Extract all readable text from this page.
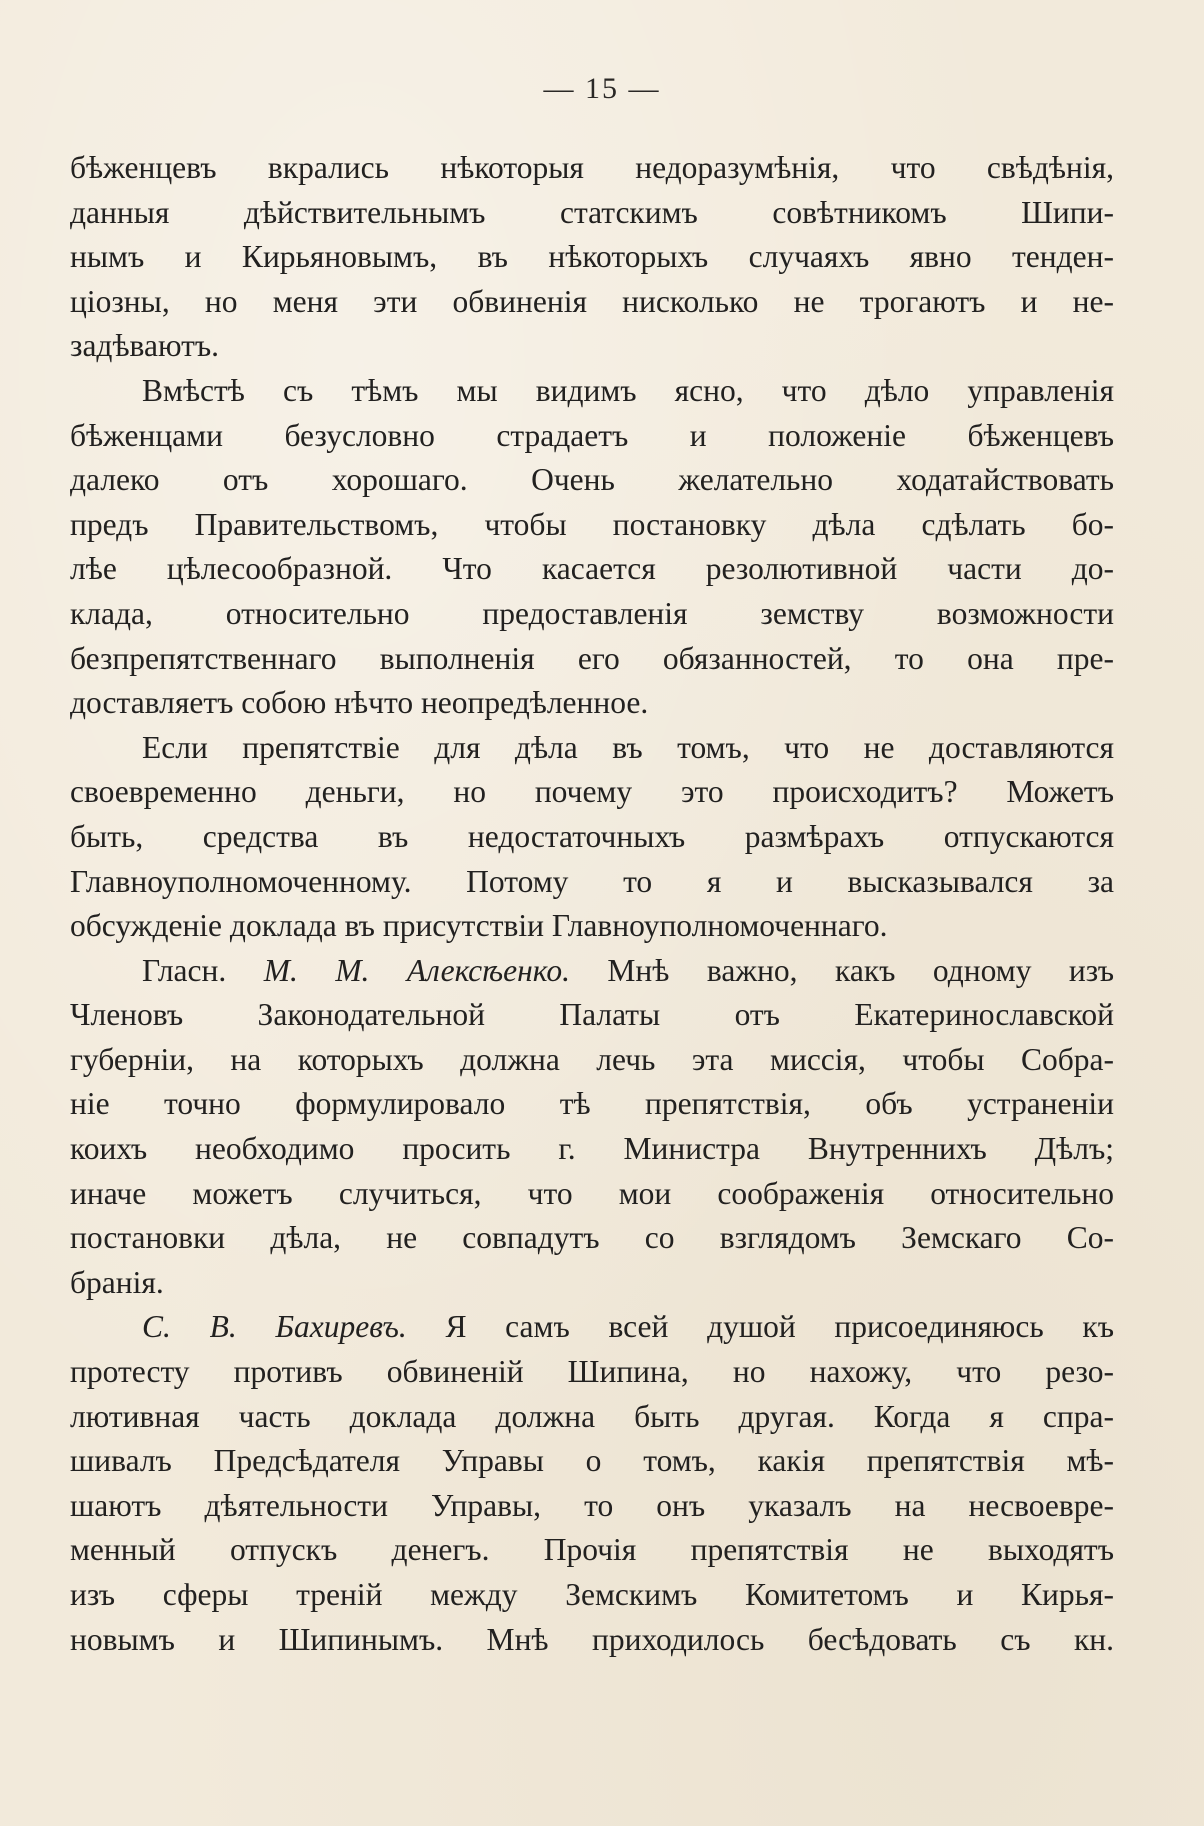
— 15 —
бѣженцевъ вкрались нѣкоторыя недоразумѣнія, что свѣдѣнія,
данныя дѣйствительнымъ статскимъ совѣтникомъ Шипи-
нымъ и Кирьяновымъ, въ нѣкоторыхъ случаяхъ явно тенден-
ціозны, но меня эти обвиненія нисколько не трогаютъ и не-
задѣваютъ.
Вмѣстѣ съ тѣмъ мы видимъ ясно, что дѣло управленія
бѣженцами безусловно страдаетъ и положеніе бѣженцевъ
далеко отъ хорошаго. Очень желательно ходатайствовать
предъ Правительствомъ, чтобы постановку дѣла сдѣлать бо-
лѣе цѣлесообразной. Что касается резолютивной части до-
клада, относительно предоставленія земству возможности
безпрепятственнаго выполненія его обязанностей, то она пре-
доставляетъ собою нѣчто неопредѣленное.
Если препятствіе для дѣла въ томъ, что не доставляются
своевременно деньги, но почему это происходитъ? Можетъ
быть, средства въ недостаточныхъ размѣрахъ отпускаются
Главноуполномоченному. Потому то я и высказывался за
обсужденіе доклада въ присутствіи Главноуполномоченнаго.
Гласн. М. М. Алексѣенко. Мнѣ важно, какъ одному изъ
Членовъ Законодательной Палаты отъ Екатеринославской
губерніи, на которыхъ должна лечь эта миссія, чтобы Собра-
ніе точно формулировало тѣ препятствія, объ устраненіи
коихъ необходимо просить г. Министра Внутреннихъ Дѣлъ;
иначе можетъ случиться, что мои соображенія относительно
постановки дѣла, не совпадутъ со взглядомъ Земскаго Со-
бранія.
С. В. Бахиревъ. Я самъ всей душой присоединяюсь къ
протесту противъ обвиненій Шипина, но нахожу, что резо-
лютивная часть доклада должна быть другая. Когда я спра-
шивалъ Предсѣдателя Управы о томъ, какія препятствія мѣ-
шаютъ дѣятельности Управы, то онъ указалъ на несвоевре-
менный отпускъ денегъ. Прочія препятствія не выходятъ
изъ сферы треній между Земскимъ Комитетомъ и Кирья-
новымъ и Шипинымъ. Мнѣ приходилось бесѣдовать съ кн.
